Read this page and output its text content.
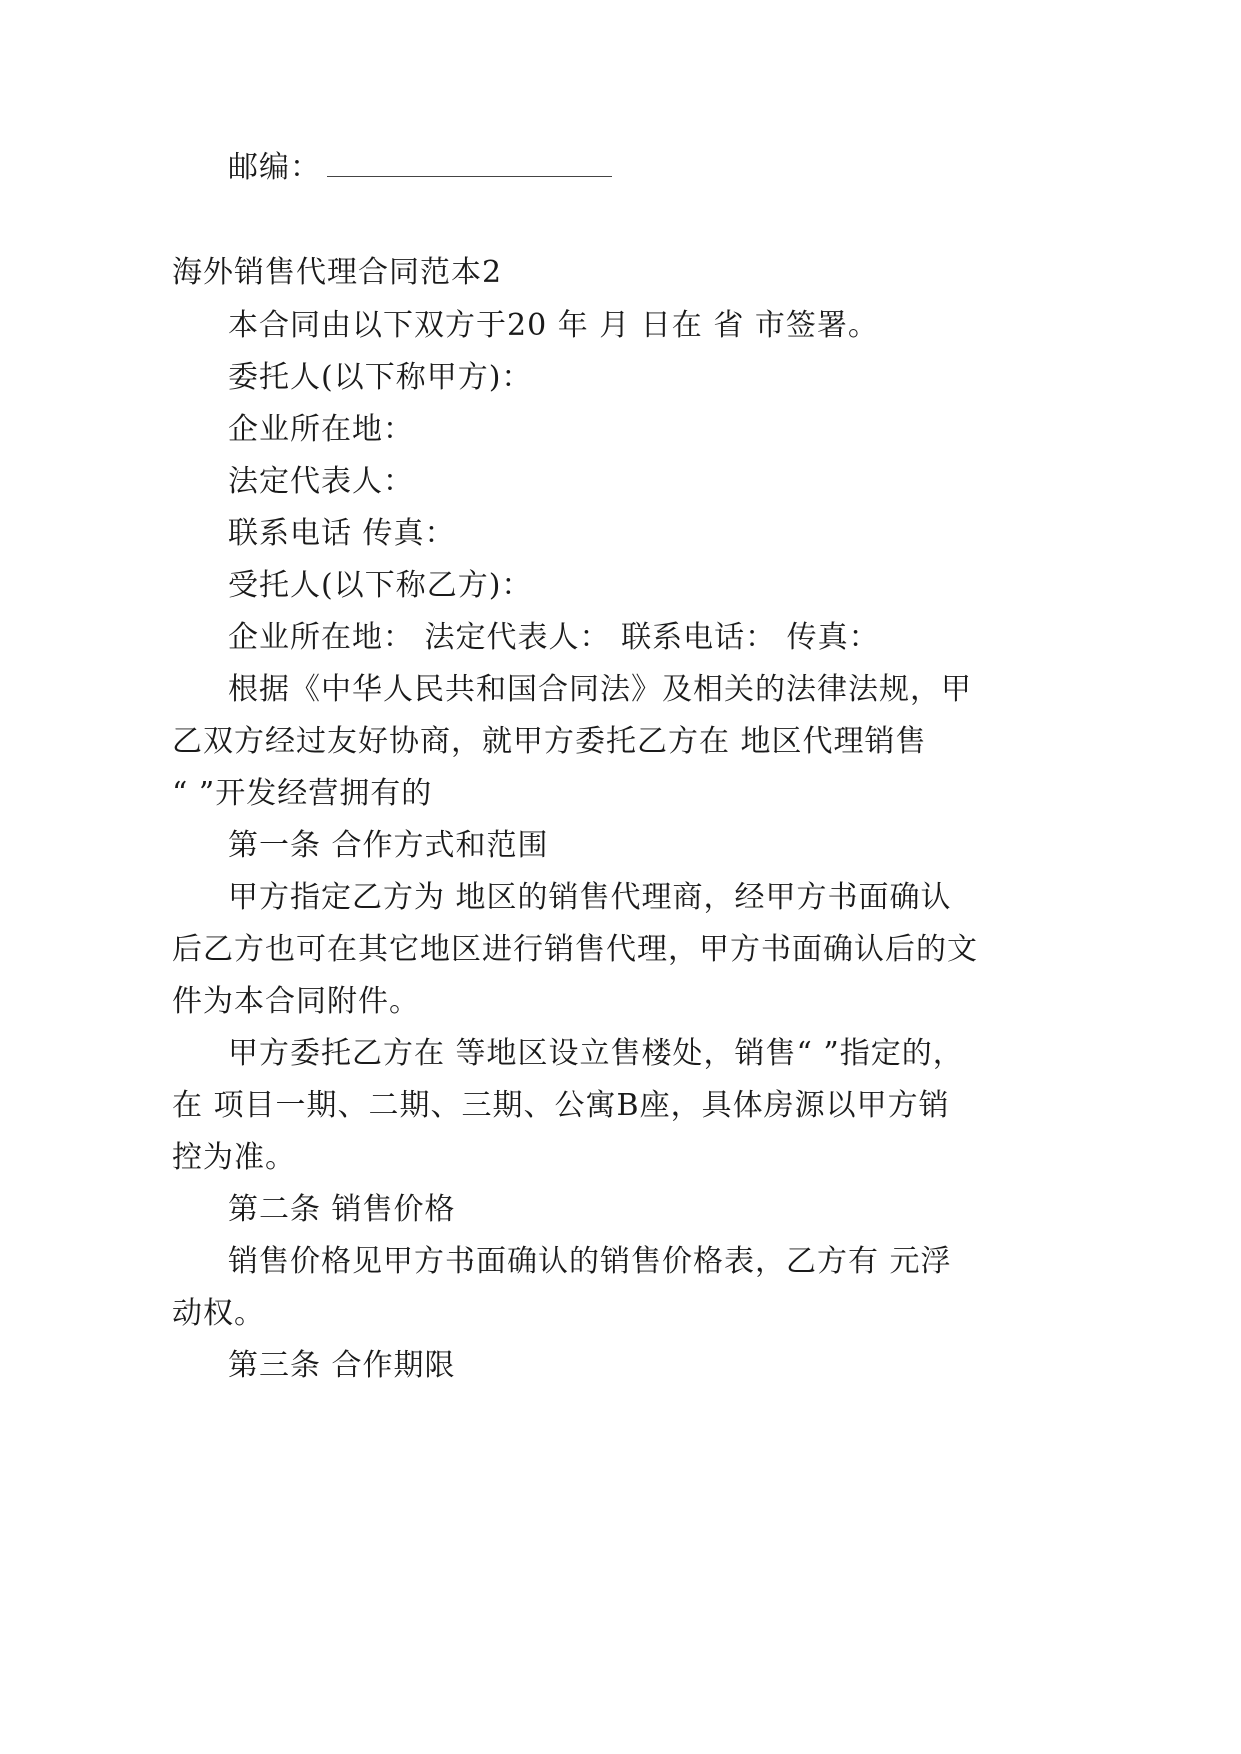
邮编：
海外销售代理合同范本2
本合同由以下双方于20 年 月 日在 省 市签署。
委托人(以下称甲方)：
企业所在地：
法定代表人：
联系电话 传真：
受托人(以下称乙方)：
企业所在地： 法定代表人： 联系电话： 传真：
根据《中华人民共和国合同法》及相关的法律法规，甲
乙双方经过友好协商，就甲方委托乙方在 地区代理销售
“ ”开发经营拥有的
第一条 合作方式和范围
甲方指定乙方为 地区的销售代理商，经甲方书面确认
后乙方也可在其它地区进行销售代理，甲方书面确认后的文
件为本合同附件。
甲方委托乙方在 等地区设立售楼处，销售“ ”指定的，
在 项目一期、二期、三期、公寓B座，具体房源以甲方销
控为准。
第二条 销售价格
销售价格见甲方书面确认的销售价格表，乙方有 元浮
动权。
第三条 合作期限
